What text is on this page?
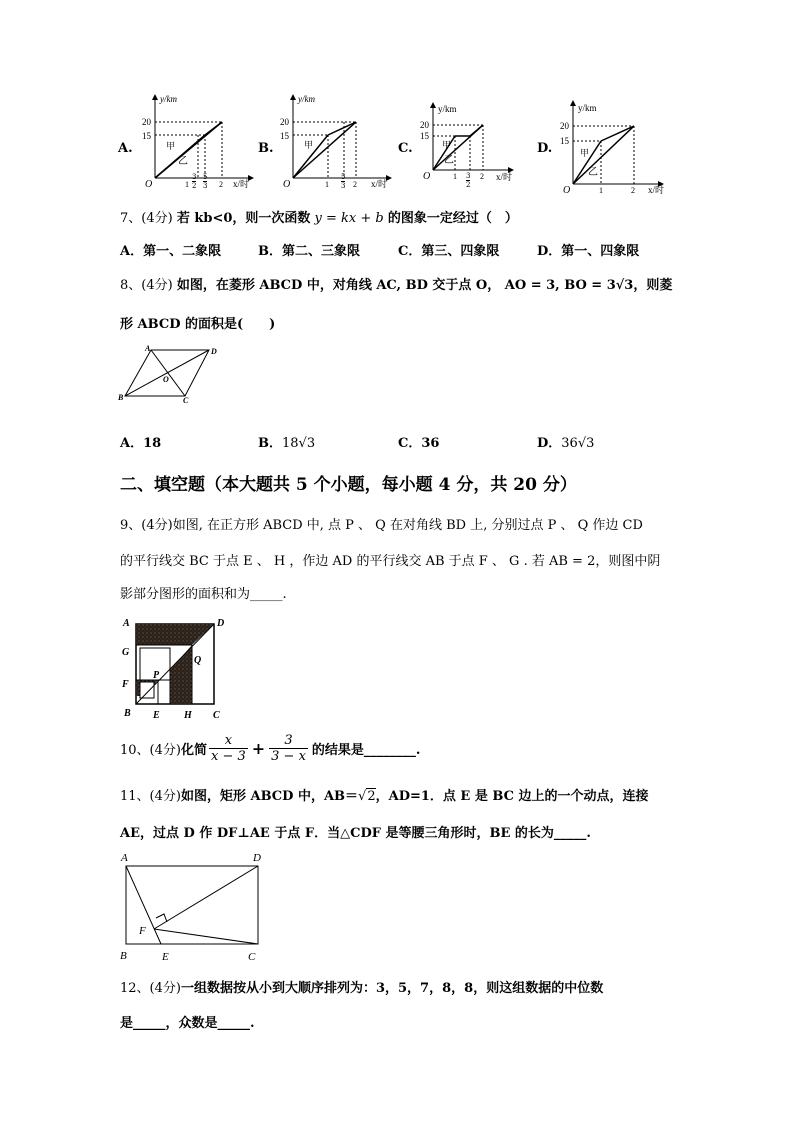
A.
y/km
x/时
O
20
15
甲
乙
1	2
3
2
5
3
B.
y/km
x/时
O
20
15
甲
1	2
5
3
C.
y/km
x/时
O
20
15
甲
乙
1	2
3
2
D.
y/km
x/时
O
20
15
甲
乙
1	2
7、(4分) 若 kb<0，则一次函数 y = kx + b 的图象一定经过（　）
A．第一、二象限	B．第二、三象限	C．第三、四象限	D．第一、四象限
8、(4分) 如图，在菱形 ABCD 中，对角线 AC, BD 交于点 O， AO = 3, BO = 3√3，则菱
形 ABCD 的面积是(　　)
A	D
B	C
O
A．18	B．18√3	C．36	D．36√3
二、填空题（本大题共 5 个小题，每小题 4 分，共 20 分）
9、(4分)如图, 在正方形 ABCD 中, 点 P 、 Q 在对角线 BD 上, 分别过点 P 、 Q 作边 CD
的平行线交 BC 于点 E 、 H ，作边 AD 的平行线交 AB 于点 F 、 G . 若 AB = 2，则图中阴
影部分图形的面积和为_____.
A	D
G
Q
F
P
B E H C
10、(4分) 化简 $\frac{x}{x - 3} + \frac{3}{3 - x}$ 的结果是________.
11、(4分)如图，矩形 ABCD 中，AB＝√2，AD=1．点 E 是 BC 边上的一个动点，连接
AE，过点 D 作 DF⊥AE 于点 F．当△CDF 是等腰三角形时，BE 的长为_____.
A	D
F
B	E	C
12、(4分)一组数据按从小到大顺序排列为：3，5，7，8，8，则这组数据的中位数
是_____，众数是_____.
